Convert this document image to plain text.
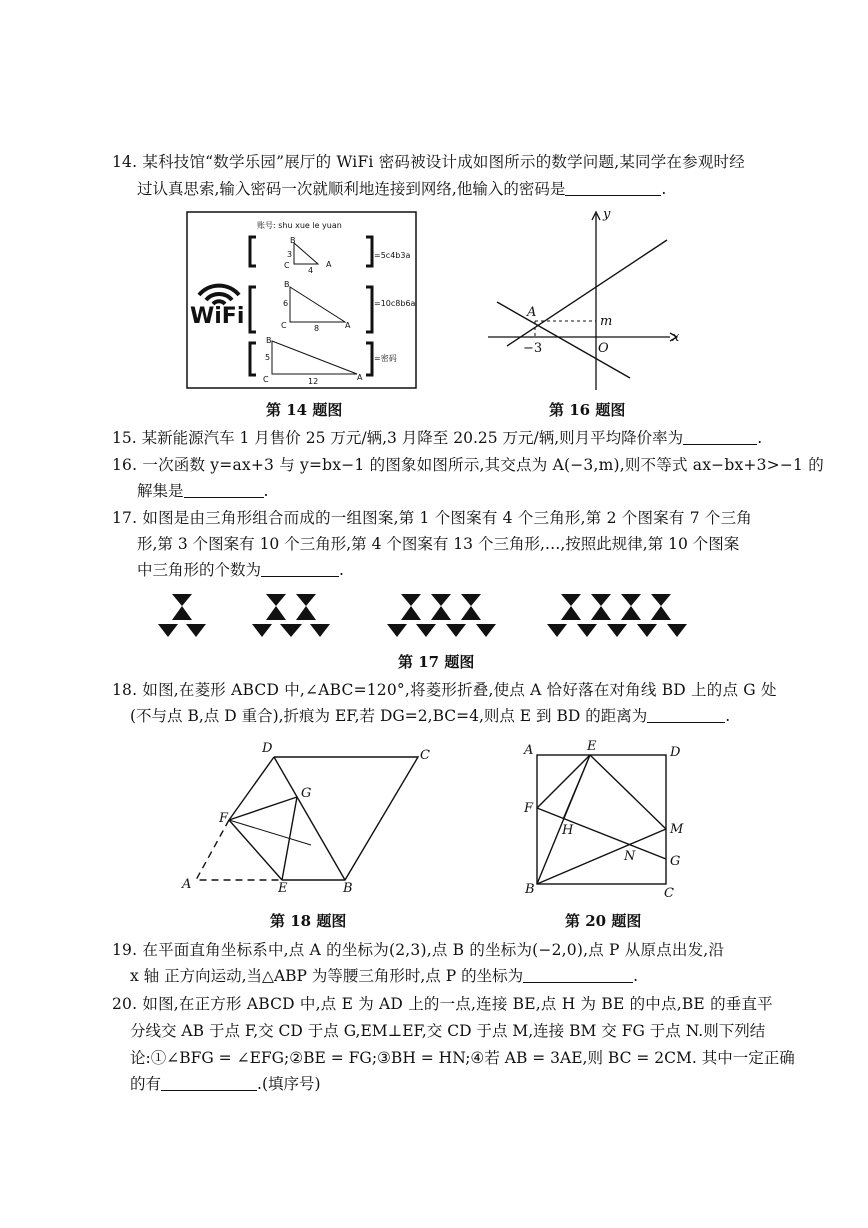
14. 某科技馆“数学乐园”展厅的 WiFi 密码被设计成如图所示的数学问题,某同学在参观时经
过认真思索,输入密码一次就顺利地连接到网络,他输入的密码是	.
账号: shu xue le yuan
B
C	A
3
4
=5c4b3a
B
C	A
6
8
=10c8b6a
B
C	A
5
12
=密码
WiFi
y
x
A
m
−3	O
D	C
G
F
A	E	B
A	E	D
F
H	M
N	G
B	C
第 14 题图	第 16 题图
15. 某新能源汽车 1 月售价 25 万元/辆,3 月降至 20.25 万元/辆,则月平均降价率为	.
16. 一次函数 y=ax+3 与 y=bx−1 的图象如图所示,其交点为 A(−3,m),则不等式 ax−bx+3>−1 的
解集是	.
17. 如图是由三角形组合而成的一组图案,第 1 个图案有 4 个三角形,第 2 个图案有 7 个三角
形,第 3 个图案有 10 个三角形,第 4 个图案有 13 个三角形,…,按照此规律,第 10 个图案
中三角形的个数为	.
第 17 题图
18. 如图,在菱形 ABCD 中,∠ABC=120°,将菱形折叠,使点 A 恰好落在对角线 BD 上的点 G 处
(不与点 B,点 D 重合),折痕为 EF,若 DG=2,BC=4,则点 E 到 BD 的距离为	.
第 18 题图	第 20 题图
19. 在平面直角坐标系中,点 A 的坐标为(2,3),点 B 的坐标为(−2,0),点 P 从原点出发,沿
x 轴 正方向运动,当△ABP 为等腰三角形时,点 P 的坐标为	.
20. 如图,在正方形 ABCD 中,点 E 为 AD 上的一点,连接 BE,点 H 为 BE 的中点,BE 的垂直平
分线交 AB 于点 F,交 CD 于点 G,EM⊥EF,交 CD 于点 M,连接 BM 交 FG 于点 N.则下列结
论:①∠BFG = ∠EFG;②BE = FG;③BH = HN;④若 AB = 3AE,则 BC = 2CM. 其中一定正确
的有	.(填序号)
